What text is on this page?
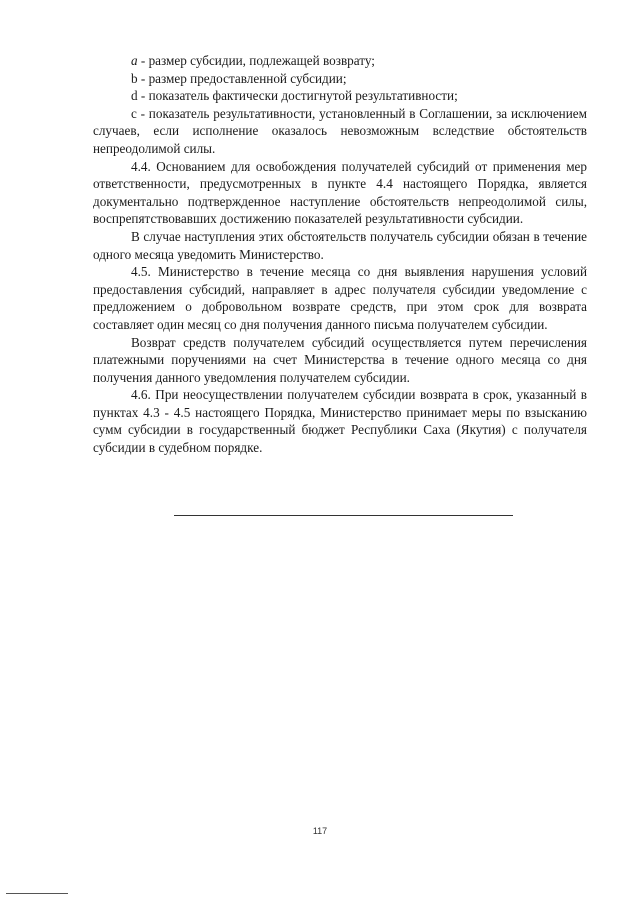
a - размер субсидии, подлежащей возврату;

b - размер предоставленной субсидии;

d - показатель фактически достигнутой результативности;

c - показатель результативности, установленный в Соглашении, за исключением случаев, если исполнение оказалось невозможным вследствие обстоятельств непреодолимой силы.

4.4. Основанием для освобождения получателей субсидий от применения мер ответственности, предусмотренных в пункте 4.4 настоящего Порядка, является документально подтвержденное наступление обстоятельств непреодолимой силы, воспрепятствовавших достижению показателей результативности субсидии.

В случае наступления этих обстоятельств получатель субсидии обязан в течение одного месяца уведомить Министерство.

4.5. Министерство в течение месяца со дня выявления нарушения условий предоставления субсидий, направляет в адрес получателя субсидии уведомление с предложением о добровольном возврате средств, при этом срок для возврата составляет один месяц со дня получения данного письма получателем субсидии.

Возврат средств получателем субсидий осуществляется путем перечисления платежными поручениями на счет Министерства в течение одного месяца со дня получения данного уведомления получателем субсидии.

4.6. При неосуществлении получателем субсидии возврата в срок, указанный в пунктах 4.3 - 4.5 настоящего Порядка, Министерство принимает меры по взысканию сумм субсидии в государственный бюджет Республики Саха (Якутия) с получателя субсидии в судебном порядке.

117
